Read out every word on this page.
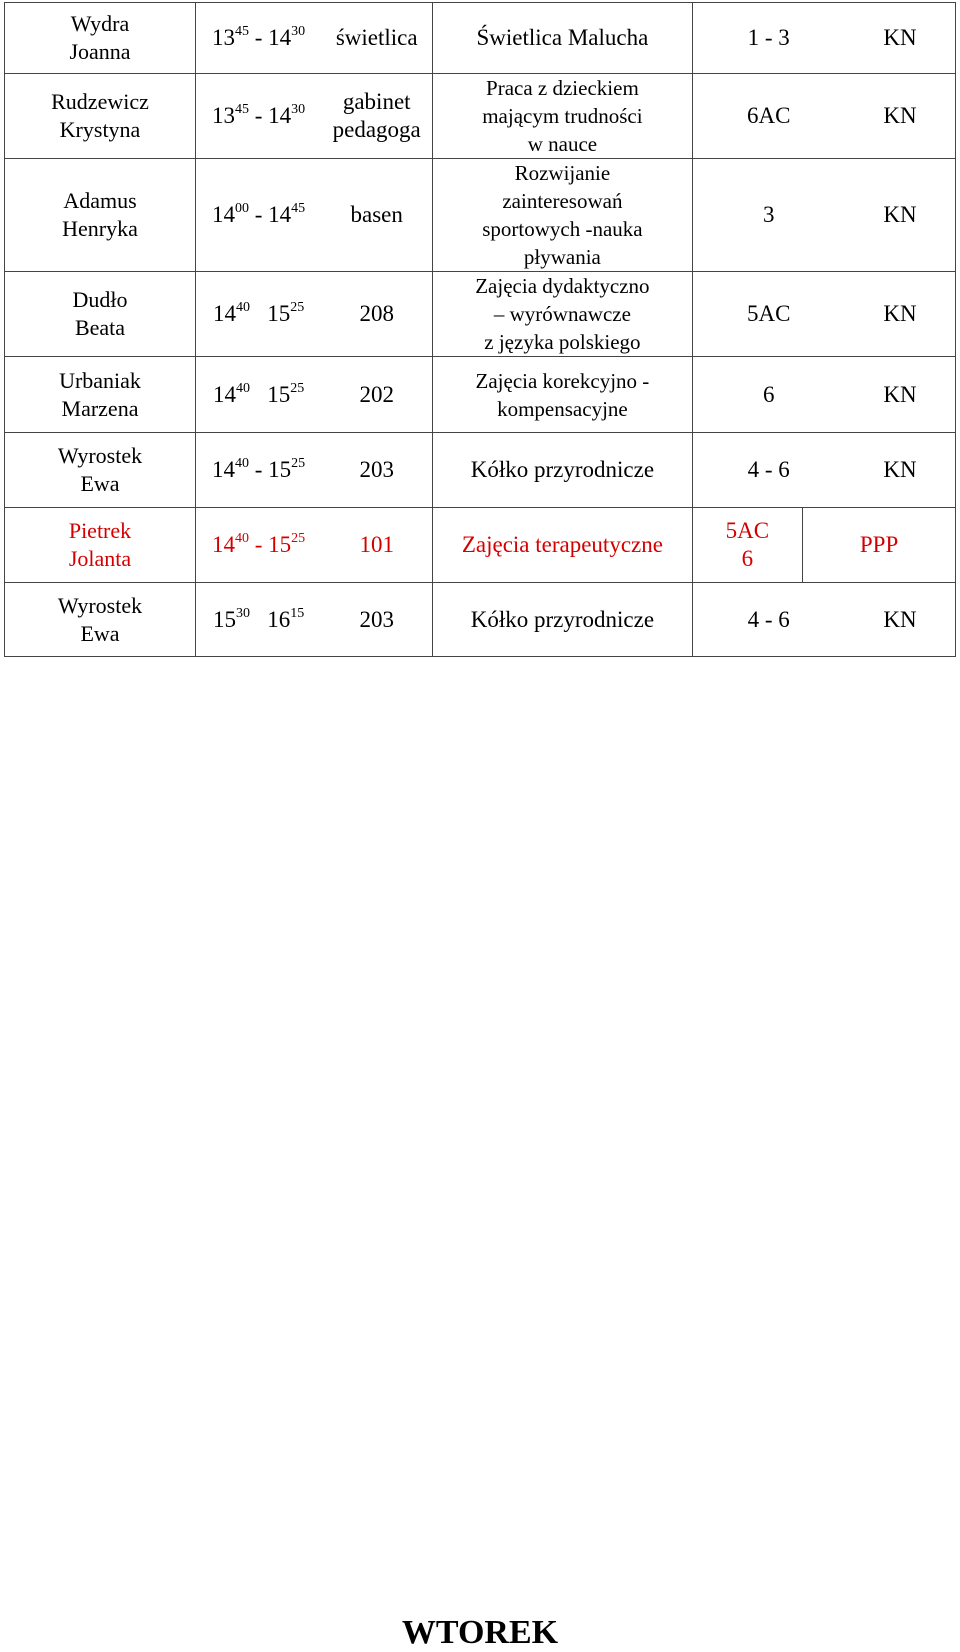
Wydra
Joanna	$13^{45} - 14^{30}$	świetlica	Świetlica Malucha	1 - 3		KN

Rudzewicz
Krystyna	$13^{45} - 14^{30}$	gabinet
pedagoga	Praca z dzieckiem
mającym trudności
w nauce	6AC		KN

Adamus
Henryka	$14^{00} - 14^{45}$	basen	Rozwijanie
zainteresowań
sportowych -nauka
pływania	3		KN

Dudło
Beata	$14^{40}$ $15^{25}$	208	Zajęcia dydaktyczno
– wyrównawcze
z języka polskiego	5AC		KN

Urbaniak
Marzena	$14^{40}$ $15^{25}$	202	Zajęcia korekcyjno -
kompensacyjne	6		KN

Wyrostek
Ewa	$14^{40} - 15^{25}$	203	Kółko przyrodnicze	4 - 6		KN

Pietrek
Jolanta	$14^{40} - 15^{25}$	101	Zajęcia terapeutyczne	5AC
6	PPP	

Wyrostek
Ewa	$15^{30}$ $16^{15}$	203	Kółko przyrodnicze	4 - 6		KN
WTOREK
